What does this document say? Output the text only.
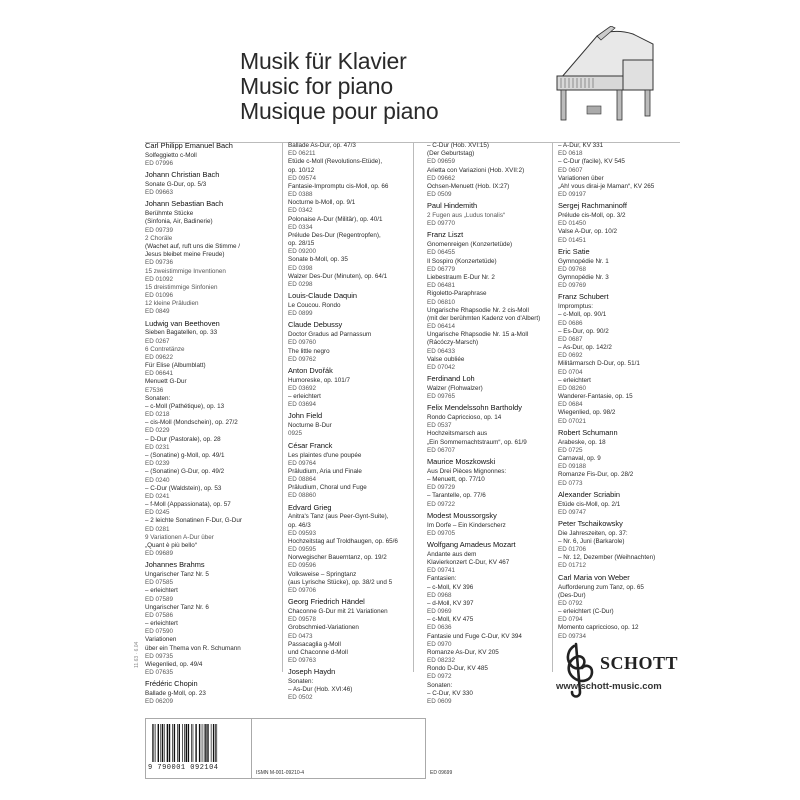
Musik für Klavier
Music for piano
Musique pour piano
Carl Philipp Emanuel Bach
Solfeggietto c-Moll
ED 07996
Johann Christian Bach
Sonate G-Dur, op. 5/3
ED 09663
Johann Sebastian Bach
Berühmte Stücke
(Sinfonia, Air, Badinerie)
ED 09739
2 Choräle
(Wachet auf, ruft uns die Stimme /
Jesus bleibet meine Freude)
ED 09736
15 zweistimmige Inventionen
ED 01092
15 dreistimmige Sinfonien
ED 01096
12 kleine Präludien
ED 0849
Ludwig van Beethoven
Sieben Bagatellen, op. 33
ED 0267
6 Contretänze
ED 09622
Für Elise (Albumblatt)
ED 06641
Menuett G-Dur
E7536
Sonaten:
– c-Moll (Pathétique), op. 13
ED 0218
– cis-Moll (Mondschein), op. 27/2
ED 0229
– D-Dur (Pastorale), op. 28
ED 0231
– (Sonatine) g-Moll, op. 49/1
ED 0239
– (Sonatine) G-Dur, op. 49/2
ED 0240
– C-Dur (Waldstein), op. 53
ED 0241
– f-Moll (Appassionata), op. 57
ED 0245
– 2 leichte Sonatinen F-Dur, G-Dur
ED 0281
9 Variationen A-Dur über
„Quant è più bello“
ED 09689
Johannes Brahms
Ungarischer Tanz Nr. 5
ED 07585
– erleichtert
ED 07589
Ungarischer Tanz Nr. 6
ED 07586
– erleichtert
ED 07590
Variationen
über ein Thema von R. Schumann
ED 09735
Wiegenlied, op. 49/4
ED 07635
Frédéric Chopin
Ballade g-Moll, op. 23
ED 06209
Ballade As-Dur, op. 47/3
ED 06211
Etüde c-Moll (Revolutions-Etüde),
op. 10/12
ED 09574
Fantasie-Impromptu cis-Moll, op. 66
ED 0388
Nocturne b-Moll, op. 9/1
ED 0342
Polonaise A-Dur (Militär), op. 40/1
ED 0334
Prélude Des-Dur (Regentropfen),
op. 28/15
ED 09200
Sonate b-Moll, op. 35
ED 0398
Walzer Des-Dur (Minuten), op. 64/1
ED 0298
Louis-Claude Daquin
Le Coucou. Rondo
ED 0899
Claude Debussy
Doctor Gradus ad Parnassum
ED 09760
The little negro
ED 09762
Anton Dvořák
Humoreske, op. 101/7
ED 03692
– erleichtert
ED 03694
John Field
Nocturne B-Dur
0925
César Franck
Les plaintes d'une poupée
ED 09764
Präludium, Aria und Finale
ED 08864
Präludium, Choral und Fuge
ED 08860
Edvard Grieg
Anitra's Tanz (aus Peer-Gynt-Suite),
op. 46/3
ED 09593
Hochzeitstag auf Troldhaugen, op. 65/6
ED 09595
Norwegischer Bauerntanz, op. 19/2
ED 09596
Volksweise – Springtanz
(aus Lyrische Stücke), op. 38/2 und 5
ED 09706
Georg Friedrich Händel
Chaconne G-Dur mit 21 Variationen
ED 09578
Grobschmied-Variationen
ED 0473
Passacaglia g-Moll
und Chaconne d-Moll
ED 09763
Joseph Haydn
Sonaten:
– As-Dur (Hob. XVI:46)
ED 0502
– C-Dur (Hob. XVI:15)
(Der Geburtstag)
ED 09659
Arietta con Variazioni (Hob. XVII:2)
ED 09662
Ochsen-Menuett (Hob. IX:27)
ED 0509
Paul Hindemith
2 Fugen aus „Ludus tonalis“
ED 09770
Franz Liszt
Gnomenreigen (Konzertetüde)
ED 06455
Il Sospiro (Konzertetüde)
ED 06779
Liebestraum E-Dur Nr. 2
ED 06481
Rigoletto-Paraphrase
ED 06810
Ungarische Rhapsodie Nr. 2 cis-Moll
(mit der berühmten Kadenz von d'Albert)
ED 06414
Ungarische Rhapsodie Nr. 15 a-Moll
(Rácóczy-Marsch)
ED 06433
Valse oubliée
ED 07042
Ferdinand Loh
Walzer (Flohwalzer)
ED 09765
Felix Mendelssohn Bartholdy
Rondo Capriccioso, op. 14
ED 0537
Hochzeitsmarsch aus
„Ein Sommernachtstraum“, op. 61/9
ED 06707
Maurice Moszkowski
Aus Drei Pièces Mignonnes:
– Menuett, op. 77/10
ED 09729
– Tarantelle, op. 77/6
ED 09722
Modest Moussorgsky
Im Dorfe – Ein Kinderscherz
ED 09705
Wolfgang Amadeus Mozart
Andante aus dem
Klavierkonzert C-Dur, KV 467
ED 09741
Fantasien:
– c-Moll, KV 396
ED 0968
– d-Moll, KV 397
ED 0969
– c-Moll, KV 475
ED 0636
Fantasie und Fuge C-Dur, KV 394
ED 0970
Romanze As-Dur, KV 205
ED 08232
Rondo D-Dur, KV 485
ED 0972
Sonaten:
– C-Dur, KV 330
ED 0609
– A-Dur, KV 331
ED 0618
– C-Dur (facile), KV 545
ED 0607
Variationen über
„Ah! vous dirai-je Maman“, KV 265
ED 09197
Sergej Rachmaninoff
Prélude cis-Moll, op. 3/2
ED 01450
Valse A-Dur, op. 10/2
ED 01451
Eric Satie
Gymnopédie Nr. 1
ED 09768
Gymnopédie Nr. 3
ED 09769
Franz Schubert
Impromptus:
– c-Moll, op. 90/1
ED 0686
– Es-Dur, op. 90/2
ED 0687
– As-Dur, op. 142/2
ED 0692
Militärmarsch D-Dur, op. 51/1
ED 0704
– erleichtert
ED 08260
Wanderer-Fantasie, op. 15
ED 0684
Wiegenlied, op. 98/2
ED 07021
Robert Schumann
Arabeske, op. 18
ED 0725
Carnaval, op. 9
ED 09188
Romanze Fis-Dur, op. 28/2
ED 0773
Alexander Scriabin
Etüde cis-Moll, op. 2/1
ED 09747
Peter Tschaikowsky
Die Jahreszeiten, op. 37:
– Nr. 6, Juni (Barkarole)
ED 01706
– Nr. 12, Dezember (Weihnachten)
ED 01712
Carl Maria von Weber
Aufforderung zum Tanz, op. 65
(Des-Dur)
ED 0792
– erleichtert (C-Dur)
ED 0794
Momento capriccioso, op. 12
ED 09734
SCHOTT
www.schott-music.com
11.63 · 6.04
9 790001 092104
ISMN M-001-09210-4	ED 09699
